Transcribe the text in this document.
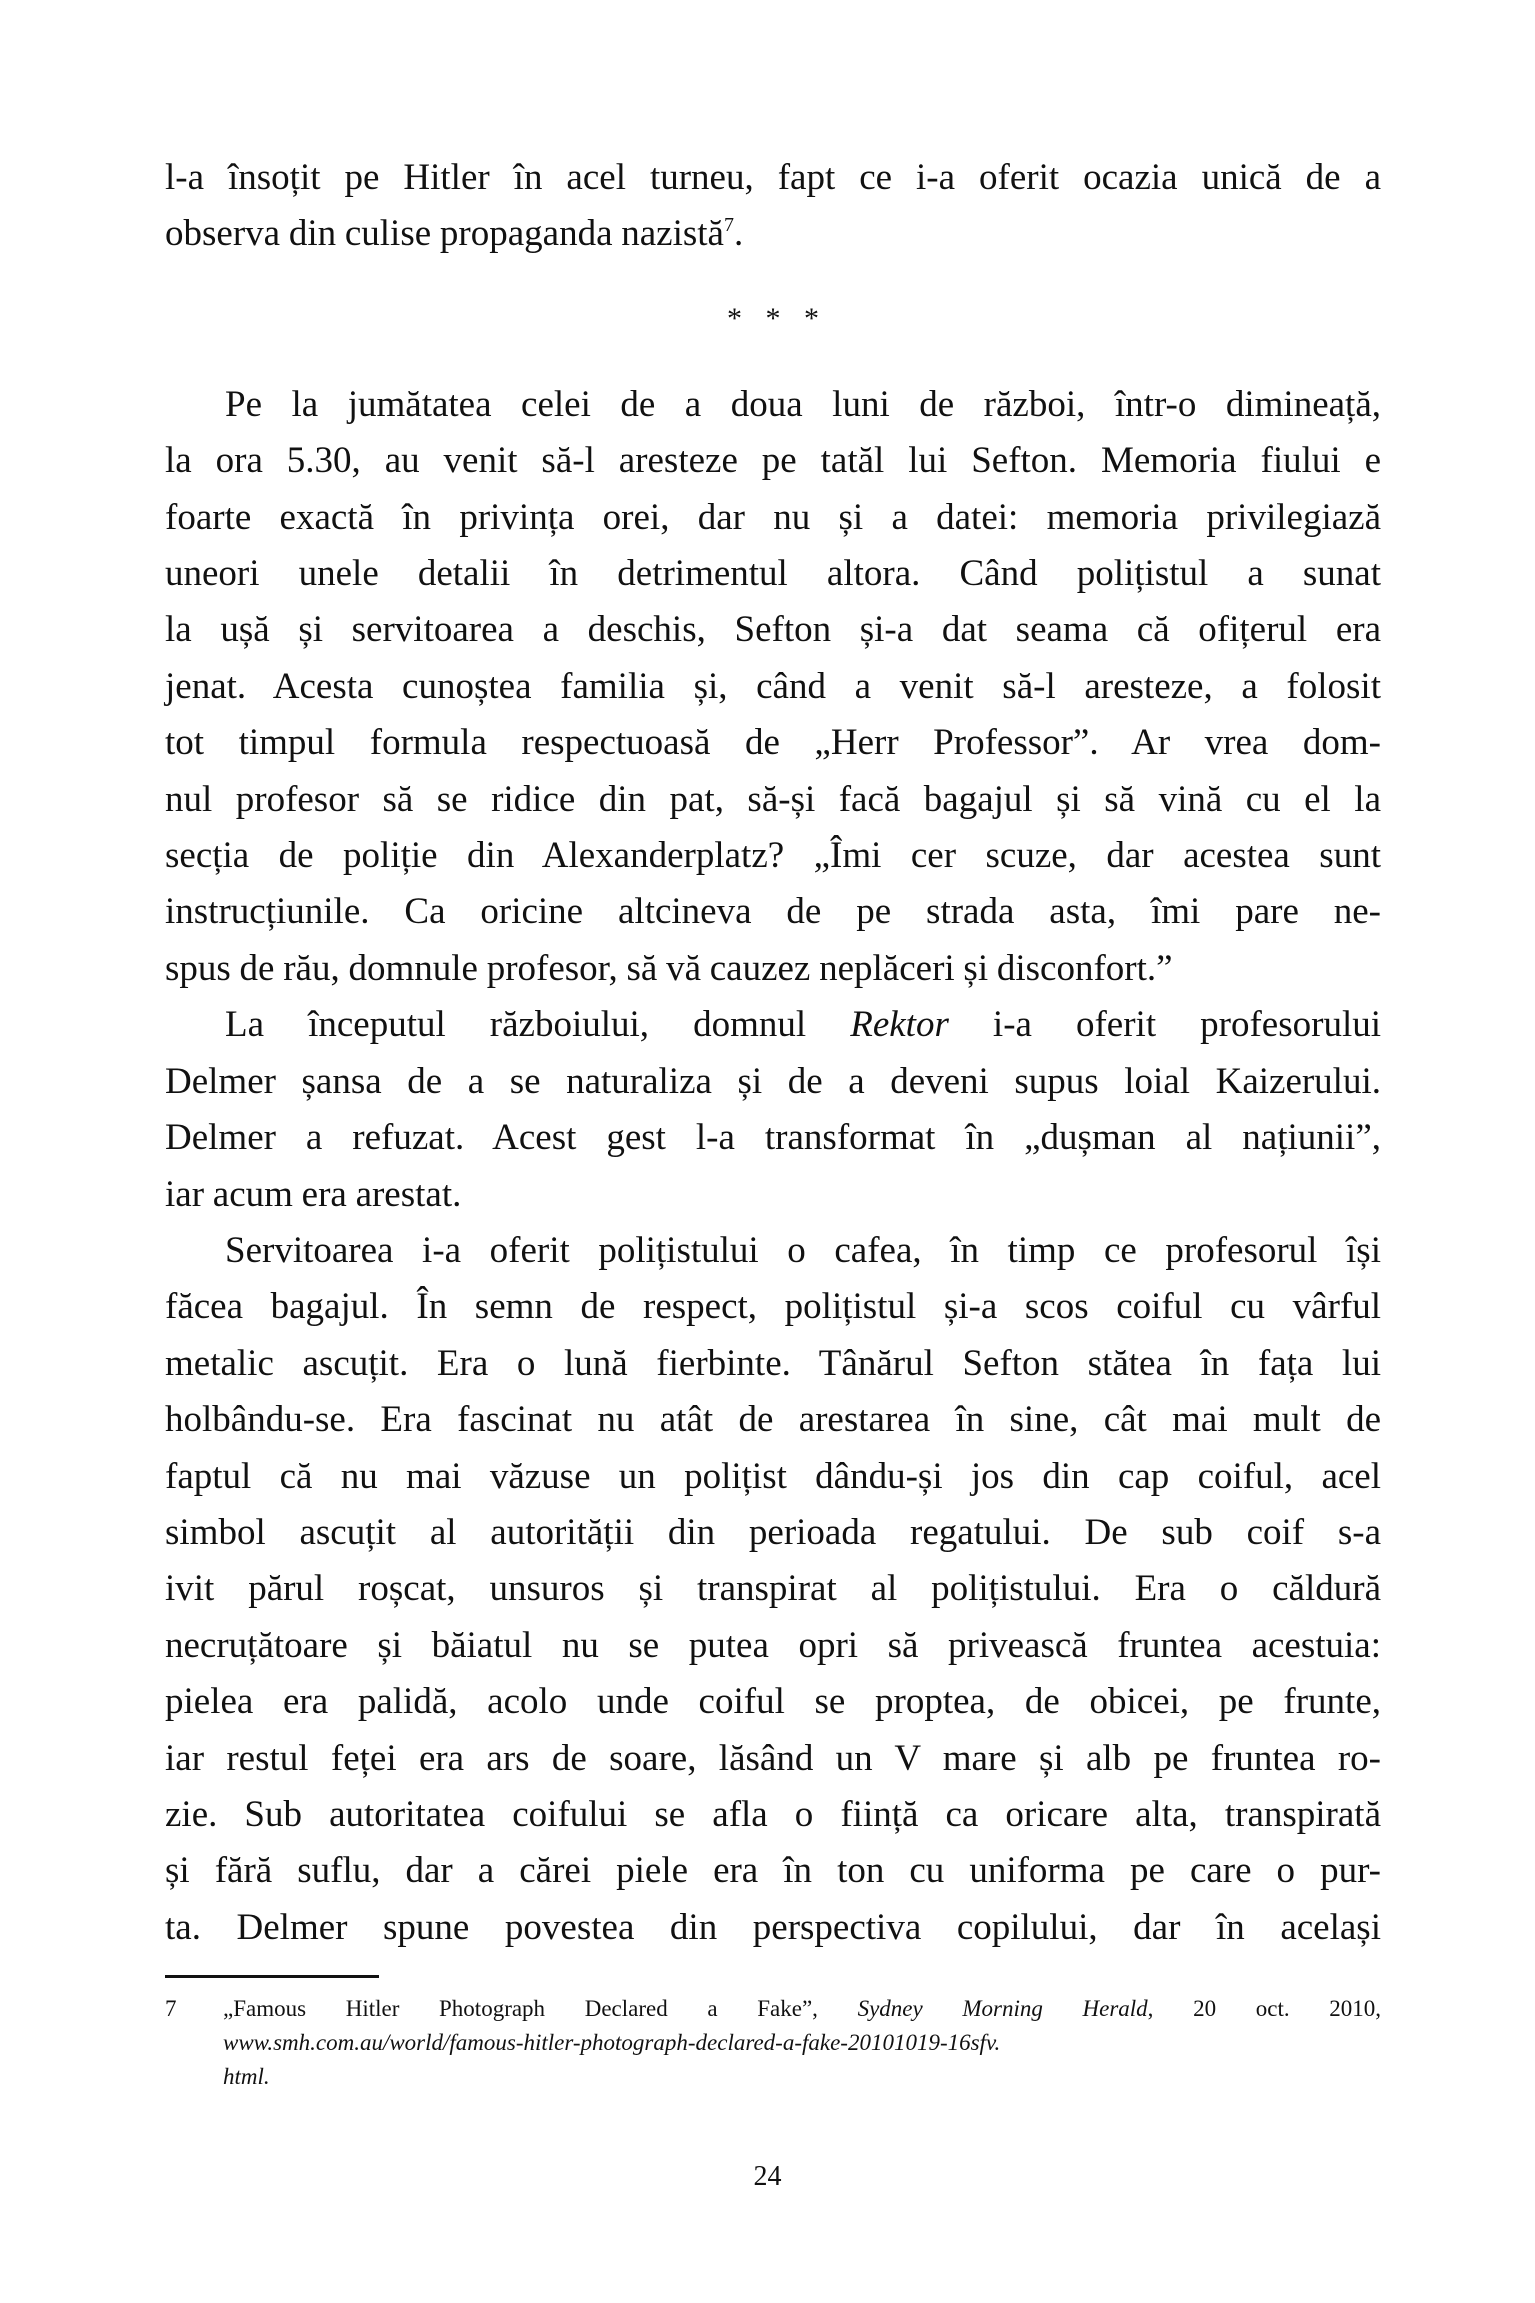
l-a însoțit pe Hitler în acel turneu, fapt ce i-a oferit ocazia unică de a
observa din culise propaganda nazistă$^7$.

* * *

Pe la jumătatea celei de a doua luni de război, într-o dimineață,
la ora 5.30, au venit să-l aresteze pe tatăl lui Sefton. Memoria fiului e
foarte exactă în privința orei, dar nu și a datei: memoria privilegiază
uneori unele detalii în detrimentul altora. Când polițistul a sunat
la ușă și servitoarea a deschis, Sefton și-a dat seama că ofițerul era
jenat. Acesta cunoștea familia și, când a venit să-l aresteze, a folosit
tot timpul formula respectuoasă de „Herr Professor”. Ar vrea dom-
nul profesor să se ridice din pat, să-și facă bagajul și să vină cu el la
secția de poliție din Alexanderplatz? „Îmi cer scuze, dar acestea sunt
instrucțiunile. Ca oricine altcineva de pe strada asta, îmi pare ne-
spus de rău, domnule profesor, să vă cauzez neplăceri și disconfort.”

La începutul războiului, domnul Rektor i-a oferit profesorului
Delmer șansa de a se naturaliza și de a deveni supus loial Kaizerului.
Delmer a refuzat. Acest gest l-a transformat în „dușman al națiunii”,
iar acum era arestat.

Servitoarea i-a oferit polițistului o cafea, în timp ce profesorul își
făcea bagajul. În semn de respect, polițistul și-a scos coiful cu vârful
metalic ascuțit. Era o lună fierbinte. Tânărul Sefton stătea în fața lui
holbându-se. Era fascinat nu atât de arestarea în sine, cât mai mult de
faptul că nu mai văzuse un polițist dându-și jos din cap coiful, acel
simbol ascuțit al autorității din perioada regatului. De sub coif s-a
ivit părul roșcat, unsuros și transpirat al polițistului. Era o căldură
necruțătoare și băiatul nu se putea opri să privească fruntea acestuia:
pielea era palidă, acolo unde coiful se proptea, de obicei, pe frunte,
iar restul feței era ars de soare, lăsând un V mare și alb pe fruntea ro-
zie. Sub autoritatea coifului se afla o ființă ca oricare alta, transpirată
și fără suflu, dar a cărei piele era în ton cu uniforma pe care o pur-
ta. Delmer spune povestea din perspectiva copilului, dar în același

7	„Famous Hitler Photograph Declared a Fake”, Sydney Morning Herald, 20 oct. 2010,
www.smh.com.au/world/famous-hitler-photograph-declared-a-fake-20101019-16sfv.
html.
24
